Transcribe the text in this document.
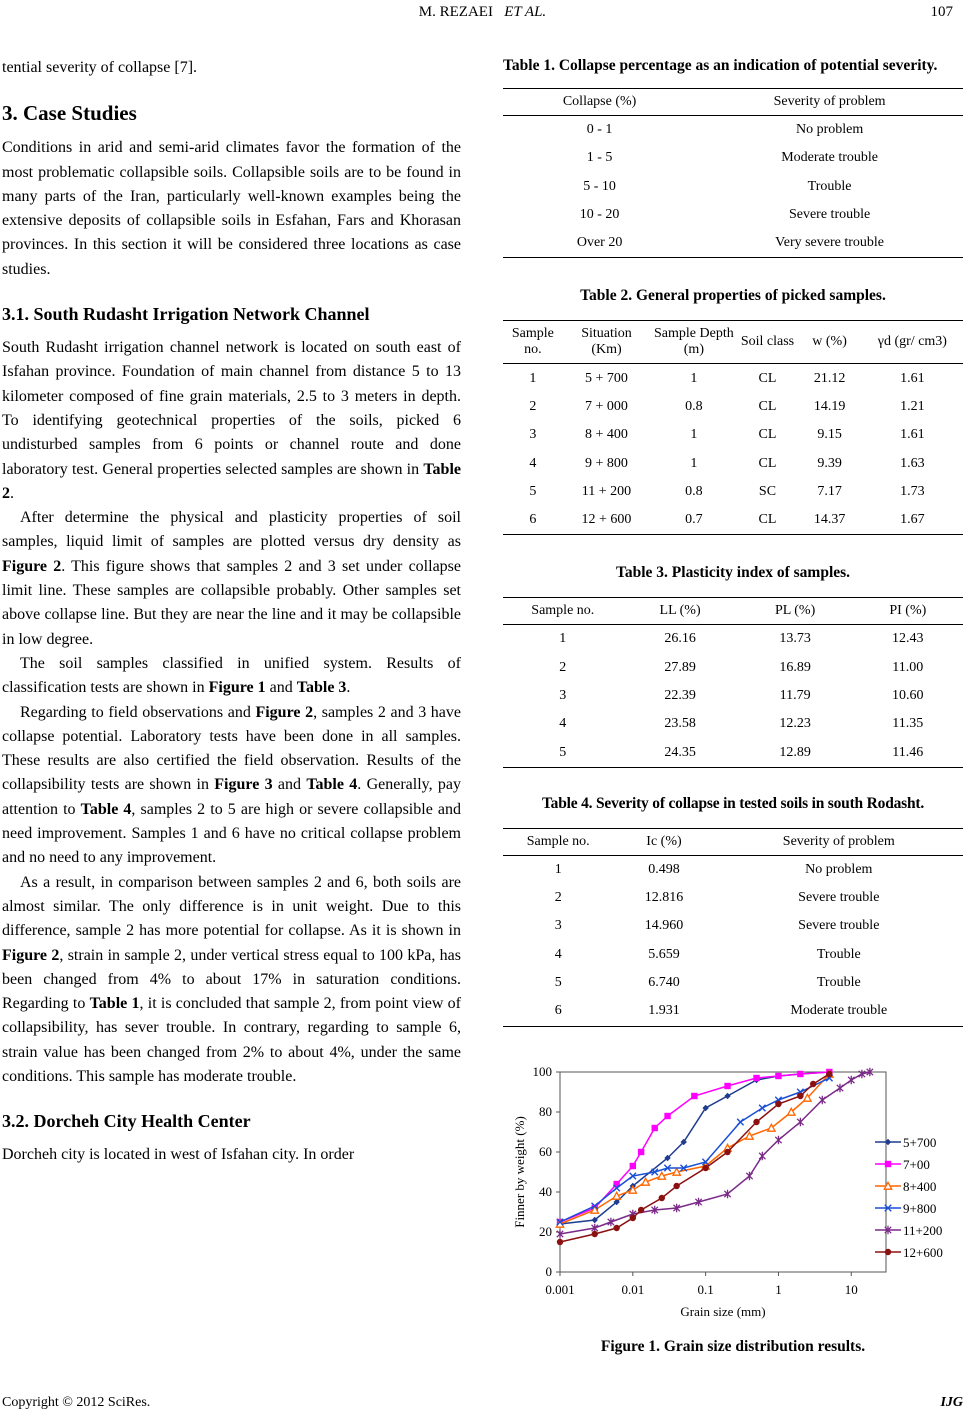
M. REZAEI ET AL.	107

tential severity of collapse [7].

3. Case Studies

Conditions in arid and semi-arid climates favor the formation of the most problematic collapsible soils. Collapsible soils are to be found in many parts of the Iran, particularly well-known examples being the extensive deposits of collapsible soils in Esfahan, Fars and Khorasan provinces. In this section it will be considered three locations as case studies.

3.1. South Rudasht Irrigation Network Channel

South Rudasht irrigation channel network is located on south east of Isfahan province. Foundation of main channel from distance 5 to 13 kilometer composed of fine grain materials, 2.5 to 3 meters in depth. To identifying geotechnical properties of the soils, picked 6 undisturbed samples from 6 points or channel route and done laboratory test. General properties selected samples are shown in Table 2.

After determine the physical and plasticity properties of soil samples, liquid limit of samples are plotted versus dry density as Figure 2. This figure shows that samples 2 and 3 set under collapse limit line. These samples are collapsible probably. Other samples set above collapse line. But they are near the line and it may be collapsible in low degree.

The soil samples classified in unified system. Results of classification tests are shown in Figure 1 and Table 3.

Regarding to field observations and Figure 2, samples 2 and 3 have collapse potential. Laboratory tests have been done in all samples. These results are also certified the field observation. Results of the collapsibility tests are shown in Figure 3 and Table 4. Generally, pay attention to Table 4, samples 2 to 5 are high or severe collapsible and need improvement. Samples 1 and 6 have no critical collapse problem and no need to any improvement.

As a result, in comparison between samples 2 and 6, both soils are almost similar. The only difference is in unit weight. Due to this difference, sample 2 has more potential for collapse. As it is shown in Figure 2, strain in sample 2, under vertical stress equal to 100 kPa, has been changed from 4% to about 17% in saturation conditions. Regarding to Table 1, it is concluded that sample 2, from point view of collapsibility, has sever trouble. In contrary, regarding to sample 6, strain value has been changed from 2% to about 4%, under the same conditions. This sample has moderate trouble.

3.2. Dorcheh City Health Center

Dorcheh city is located in west of Isfahan city. In order

Table 1. Collapse percentage as an indication of potential severity.
Collapse (%)	Severity of problem
0 - 1	No problem
1 - 5	Moderate trouble
5 - 10	Trouble
10 - 20	Severe trouble
Over 20	Very severe trouble
Table 2. General properties of picked samples.
Sample no.	Situation (Km)	Sample Depth (m)	Soil class	w (%)	γd (gr/ cm3)
1	5 + 700	1	CL	21.12	1.61
2	7 + 000	0.8	CL	14.19	1.21
3	8 + 400	1	CL	9.15	1.61
4	9 + 800	1	CL	9.39	1.63
5	11 + 200	0.8	SC	7.17	1.73
6	12 + 600	0.7	CL	14.37	1.67
Table 3. Plasticity index of samples.
Sample no.	LL (%)	PL (%)	PI (%)
1	26.16	13.73	12.43
2	27.89	16.89	11.00
3	22.39	11.79	10.60
4	23.58	12.23	11.35
5	24.35	12.89	11.46
Table 4. Severity of collapse in tested soils in south Rodasht.
Sample no.	Ic (%)	Severity of problem
1	0.498	No problem
2	12.816	Severe trouble
3	14.960	Severe trouble
4	5.659	Trouble
5	6.740	Trouble
6	1.931	Moderate trouble
0.001	0.01	0.1	1	10
0
20
40
60
80
100
5+700
7+00
8+400
9+800
11+200
12+600
Grain size (mm)
Finner by weight (%)
Figure 1. Grain size distribution results.
Copyright © 2012 SciRes.	IJG
